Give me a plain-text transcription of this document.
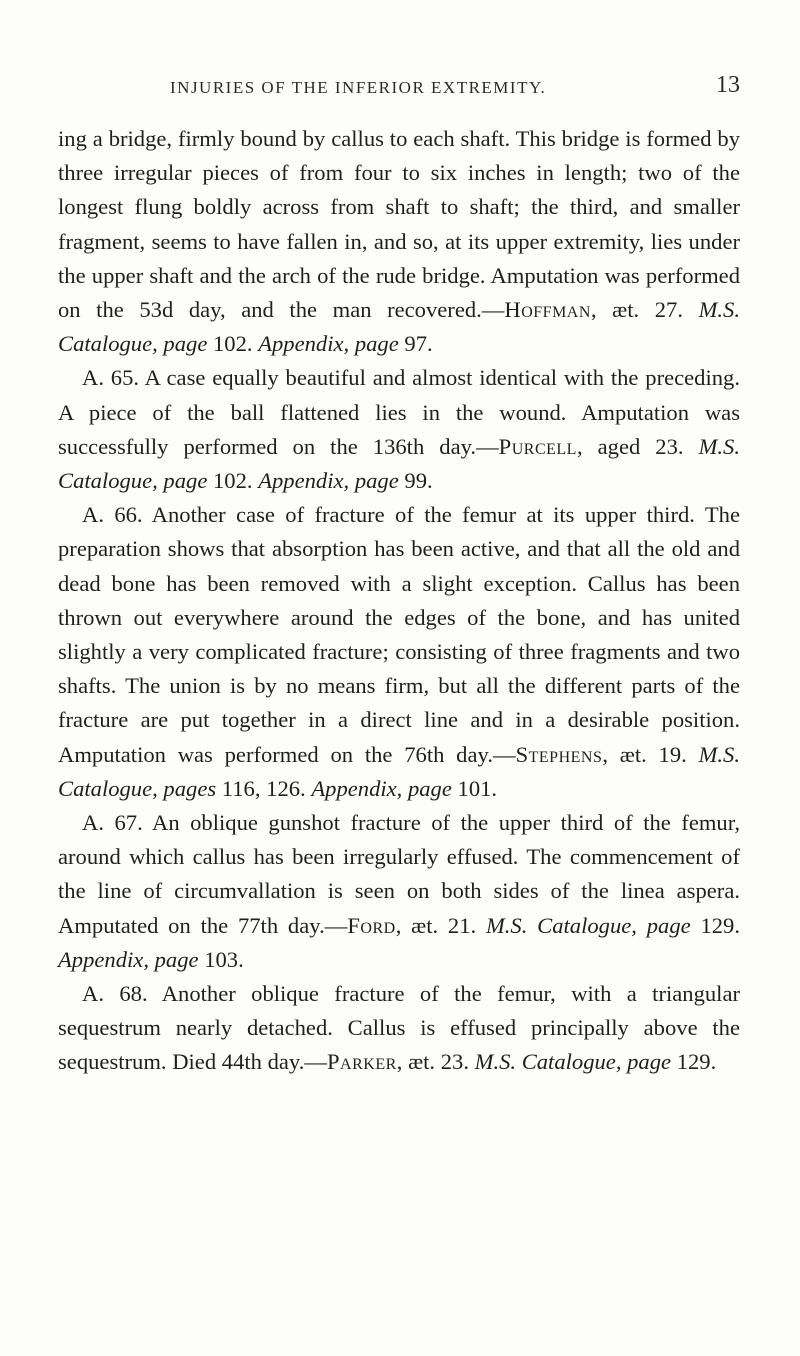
INJURIES OF THE INFERIOR EXTREMITY.	13

ing a bridge, firmly bound by callus to each shaft. This bridge is formed by three irregular pieces of from four to six inches in length; two of the longest flung boldly across from shaft to shaft; the third, and smaller fragment, seems to have fallen in, and so, at its upper extremity, lies under the upper shaft and the arch of the rude bridge. Amputation was performed on the 53d day, and the man recovered.—Hoffman, æt. 27. M.S. Catalogue, page 102. Appendix, page 97.

A. 65. A case equally beautiful and almost identical with the preceding. A piece of the ball flattened lies in the wound. Amputation was successfully performed on the 136th day.—Purcell, aged 23. M.S. Catalogue, page 102. Appendix, page 99.

A. 66. Another case of fracture of the femur at its upper third. The preparation shows that absorption has been active, and that all the old and dead bone has been removed with a slight exception. Callus has been thrown out everywhere around the edges of the bone, and has united slightly a very complicated fracture; consisting of three fragments and two shafts. The union is by no means firm, but all the different parts of the fracture are put together in a direct line and in a desirable position. Amputation was performed on the 76th day.—Stephens, æt. 19. M.S. Catalogue, pages 116, 126. Appendix, page 101.

A. 67. An oblique gunshot fracture of the upper third of the femur, around which callus has been irregularly effused. The commencement of the line of circumvallation is seen on both sides of the linea aspera. Amputated on the 77th day.—Ford, æt. 21. M.S. Catalogue, page 129. Appendix, page 103.

A. 68. Another oblique fracture of the femur, with a triangular sequestrum nearly detached. Callus is effused principally above the sequestrum. Died 44th day.—Parker, æt. 23. M.S. Catalogue, page 129.
